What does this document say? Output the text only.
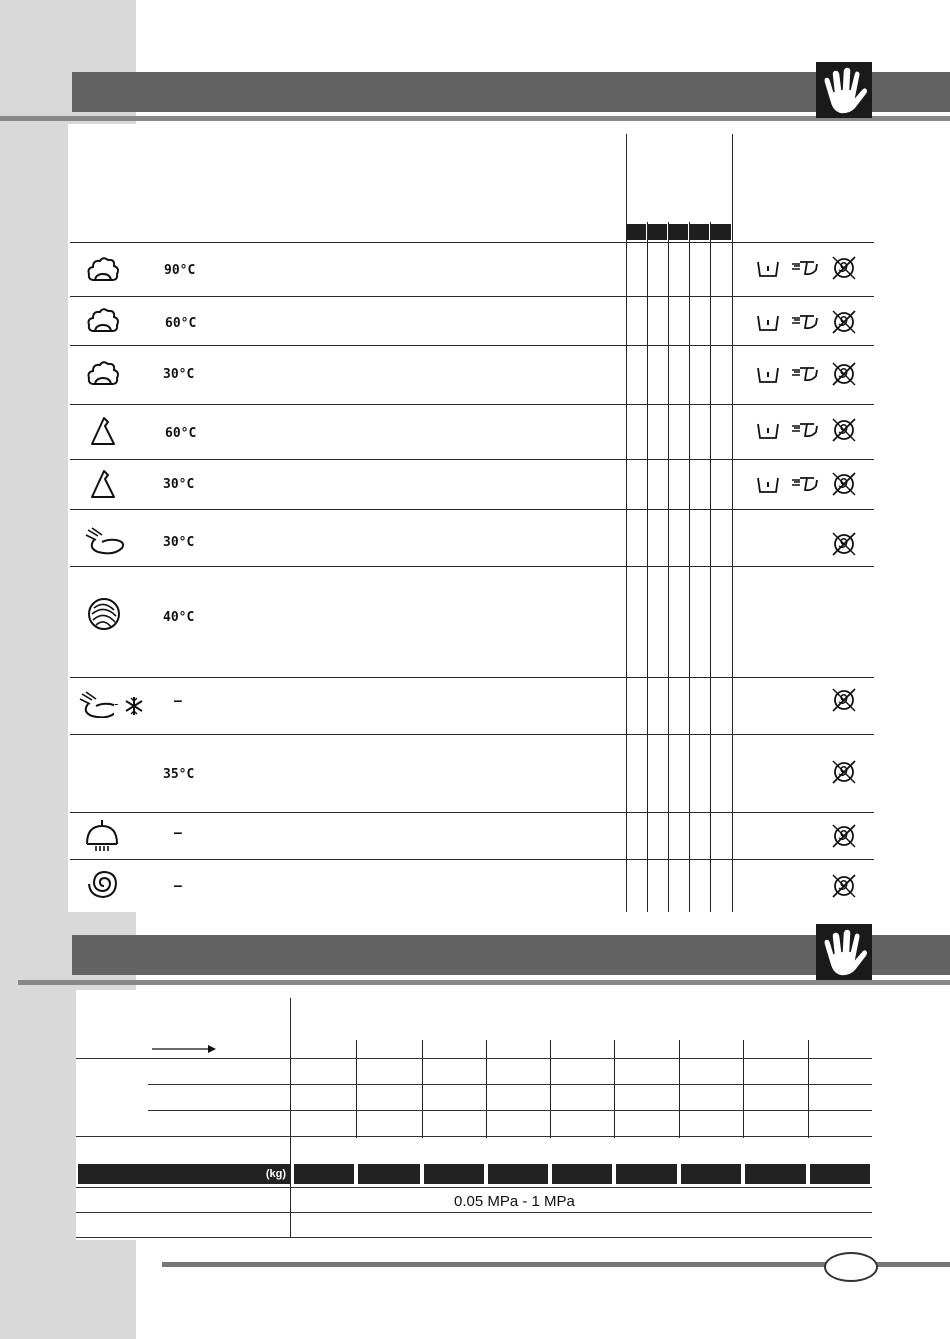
90°C
60°C
30°C
60°C
30°C
30°C
40°C
-	–
35°C
–
–
(kg)
0.05 MPa - 1 MPa
